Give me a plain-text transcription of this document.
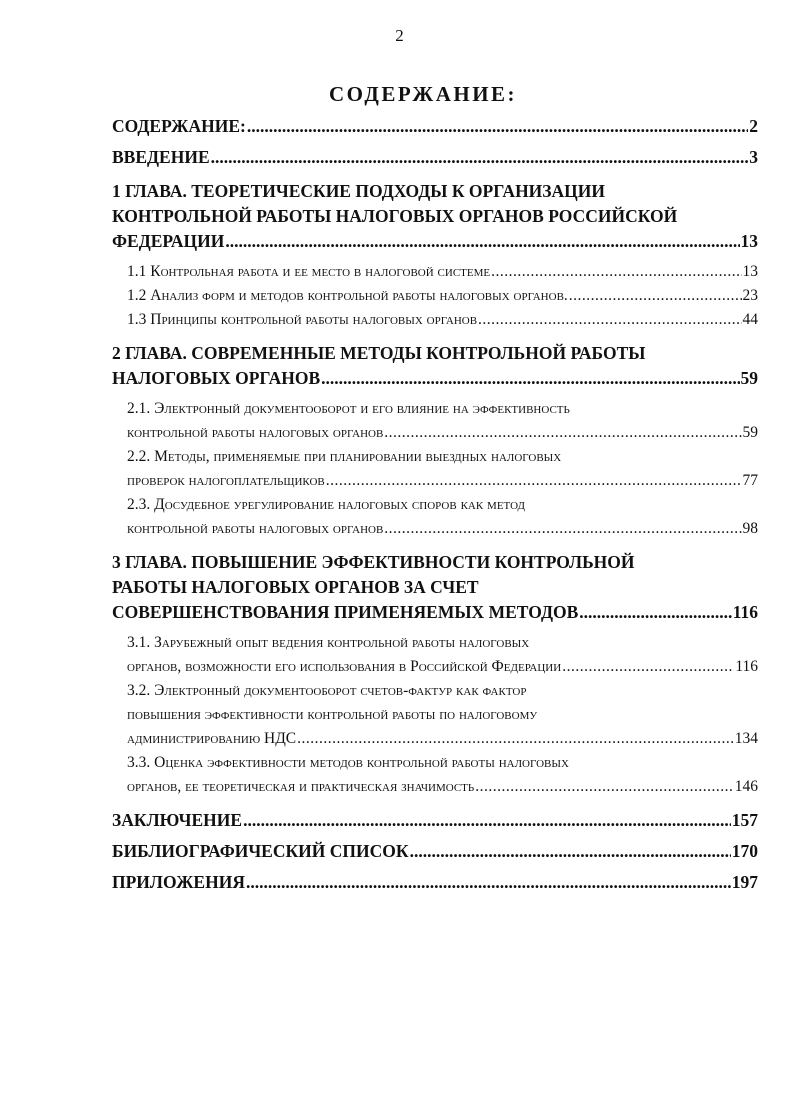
2
СОДЕРЖАНИЕ:
СОДЕРЖАНИЕ: .....	2
ВВЕДЕНИЕ .....	3
1 ГЛАВА. ТЕОРЕТИЧЕСКИЕ ПОДХОДЫ К ОРГАНИЗАЦИИ
КОНТРОЛЬНОЙ РАБОТЫ НАЛОГОВЫХ ОРГАНОВ РОССИЙСКОЙ
ФЕДЕРАЦИИ .....	13
1.1 Контрольная работа и ее место в налоговой системе .....	13
1.2 Анализ форм и методов контрольной работы налоговых органов. .....	23
1.3 Принципы контрольной работы налоговых органов .....	44
2 ГЛАВА. СОВРЕМЕННЫЕ МЕТОДЫ КОНТРОЛЬНОЙ РАБОТЫ
НАЛОГОВЫХ ОРГАНОВ .....	59
2.1. Электронный документооборот и его влияние на эффективность
контрольной работы налоговых органов .....	59
2.2. Методы, применяемые при планировании выездных налоговых
проверок налогоплательщиков .....	77
2.3. Досудебное урегулирование налоговых споров как метод
контрольной работы налоговых органов .....	98
3 ГЛАВА. ПОВЫШЕНИЕ ЭФФЕКТИВНОСТИ КОНТРОЛЬНОЙ
РАБОТЫ НАЛОГОВЫХ ОРГАНОВ ЗА СЧЕТ
СОВЕРШЕНСТВОВАНИЯ ПРИМЕНЯЕМЫХ МЕТОДОВ .....	116
3.1. Зарубежный опыт ведения контрольной работы налоговых
органов, возможности его использования в Российской Федерации .....	116
3.2. Электронный документооборот счетов-фактур как фактор
повышения эффективности контрольной работы по налоговому
администрированию НДС .....	134
3.3. Оценка эффективности методов контрольной работы налоговых
органов, ее теоретическая и практическая значимость .....	146
ЗАКЛЮЧЕНИЕ .....	157
БИБЛИОГРАФИЧЕСКИЙ СПИСОК .....	170
ПРИЛОЖЕНИЯ .....	197
